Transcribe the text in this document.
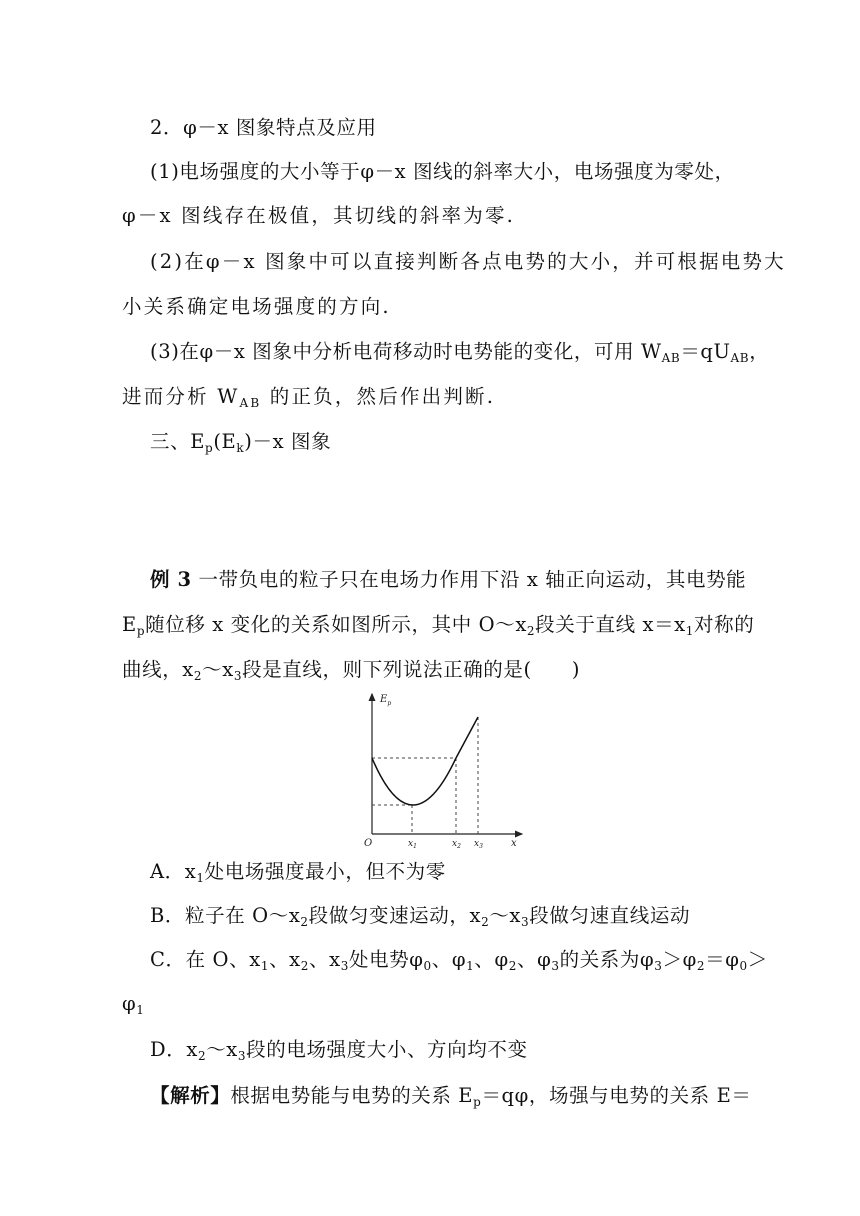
2．φ－x 图象特点及应用
(1)电场强度的大小等于φ－x 图线的斜率大小，电场强度为零处，
φ－x 图线存在极值，其切线的斜率为零.
(2)在φ－x 图象中可以直接判断各点电势的大小，并可根据电势大
小关系确定电场强度的方向.
(3)在φ－x 图象中分析电荷移动时电势能的变化，可用 $W_{AB}=qU_{AB}$，
进而分析 $W_{AB}$ 的正负，然后作出判断.
三、$E_p(E_k)-x$ 图象
例 3 一带负电的粒子只在电场力作用下沿 x 轴正向运动，其电势能
$E_p$随位移 x 变化的关系如图所示，其中 $O\sim x_2$段关于直线 $x=x_1$对称的
曲线，$x_2\sim x_3$段是直线，则下列说法正确的是(　　)
$E_p$
O	$x_1$	$x_2$ $x_3$	x
A．$x_1$处电场强度最小，但不为零
B．粒子在 $O\sim x_2$段做匀变速运动，$x_2\sim x_3$段做匀速直线运动
C．在 O、$x_1$、$x_2$、$x_3$处电势$\varphi_0$、$\varphi_1$、$\varphi_2$、$\varphi_3$的关系为$\varphi_3>\varphi_2=\varphi_0>$
$\varphi_1$
D．$x_2\sim x_3$段的电场强度大小、方向均不变
【解析】根据电势能与电势的关系 $E_p=q\varphi$，场强与电势的关系 E＝
